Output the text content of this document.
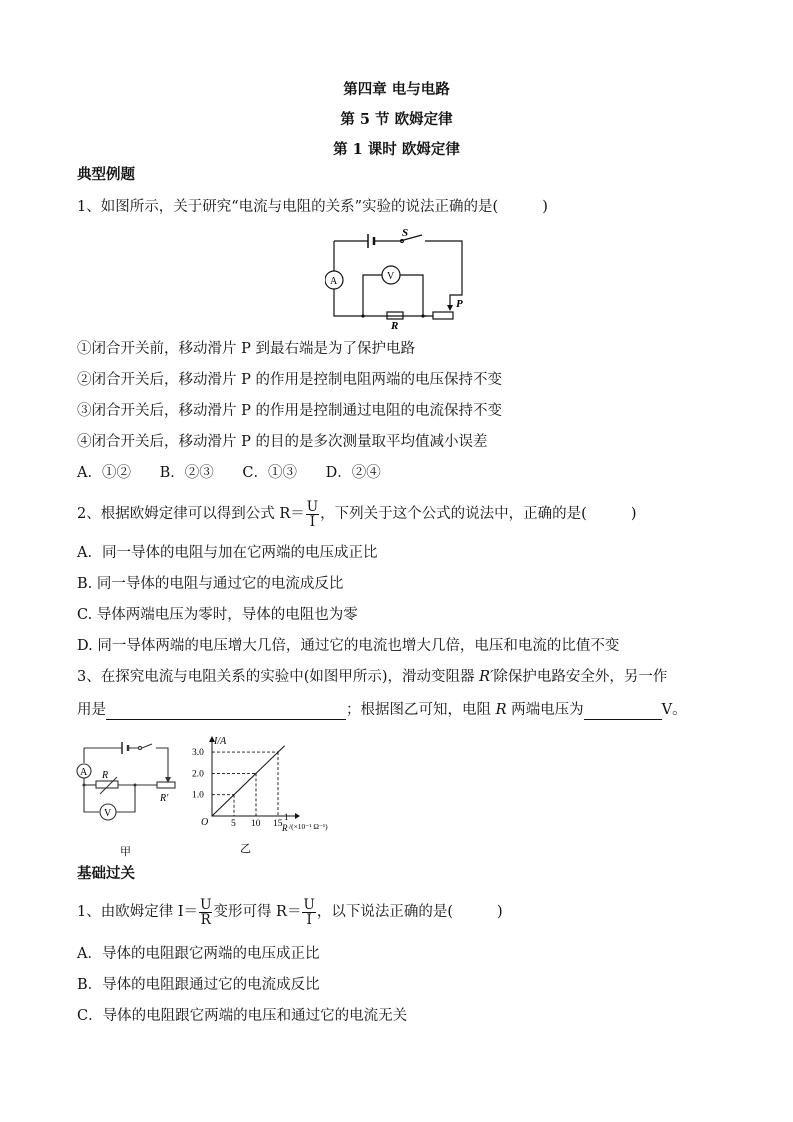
第四章 电与电路
第 5 节 欧姆定律
第 1 课时 欧姆定律
典型例题
1、如图所示，关于研究“电流与电阻的关系”实验的说法正确的是(	)
S
A	V
R
P
①闭合开关前，移动滑片 P 到最右端是为了保护电路
②闭合开关后，移动滑片 P 的作用是控制电阻两端的电压保持不变
③闭合开关后，移动滑片 P 的作用是控制通过电阻的电流保持不变
④闭合开关后，移动滑片 P 的目的是多次测量取平均值减小误差
A．①② B．②③ C．①③ D．②④
2、根据欧姆定律可以得到公式 $R= \frac{U}{I}$ ，下列关于这个公式的说法中，正确的是(	)
A．同一导体的电阻与加在它两端的电压成正比
B. 同一导体的电阻与通过它的电流成反比
C. 导体两端电压为零时，导体的电阻也为零
D. 同一导体两端的电压增大几倍，通过它的电流也增大几倍，电压和电流的比值不变
3、在探究电流与电阻关系的实验中(如图甲所示)，滑动变阻器 R′除保护电路安全外，另一作
用是	；根据图乙可知，电阻 R 两端电压为	V。
A
V
R
R′
甲
I/A
O	1
R /(×10⁻¹ Ω⁻¹)
1.0
2.0
3.0
5 10 15
乙
基础过关
1、由欧姆定律 $I= \frac{U}{R}$ 变形可得 $R= \frac{U}{I}$ ，以下说法正确的是(	)
A．导体的电阻跟它两端的电压成正比
B．导体的电阻跟通过它的电流成反比
C．导体的电阻跟它两端的电压和通过它的电流无关
